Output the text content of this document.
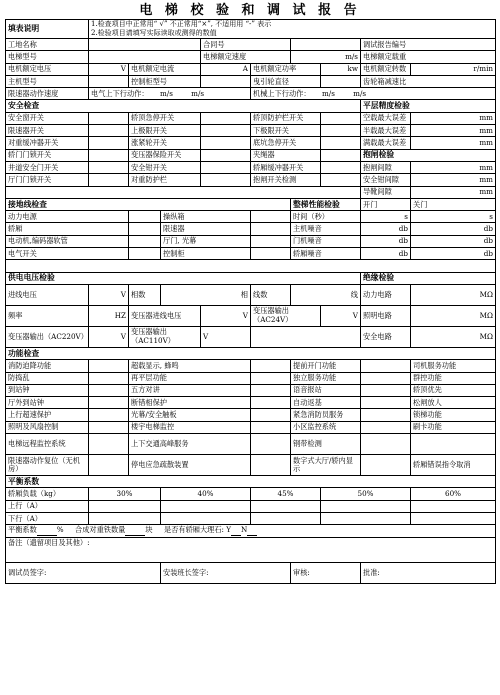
电 梯 校 验 和 调 试 报 告
填表说明	1.检查项目中正常用“ √” 不正常用“×”, 不适用用 “-” 表示
2.检验项目请填写实际读取或测得的数值								
工地名称				合同号				调试报告编号	
电梯型号				电梯额定速度		m/s		电梯额定载重	
电机额定电压	V	电机额定电流		A	电机额定功率		kw	电机额定转数	r/min
主机型号		控制柜型号			曳引轮直径			齿轮箱减速比	
限速器动作速度	电气上下行动作： m/s m/s				机械上下行动作： m/s m/s				
安全检查								平层精度检验	
安全窗开关		轿顶急停开关			轿顶防护栏开关			空载最大误差	mm
限速器开关		上极限开关			下极限开关			半载最大误差	mm
对重缓冲器开关		涨紧轮开关			底坑急停开关			满载最大误差	mm
轿门门锁开关		变压器保险开关			夹绳器			抱闸检验	
井道安全门开关		安全钳开关			轿厢缓冲器开关			抱闸间隙	mm
厅门门锁开关		对重防护栏			抱闸开关检测			安全钳间隙	mm
								导靴间隙	mm
接地线检查						整梯性能检验		开门	关门
动力电源			操纵箱			时间（秒）		s	s
轿厢			限速器			主机噪音		db	db
电动机,编码器软管			厅门, 光幕			门机噪音		db	db
电气开关			控制柜			轿厢噪音		db	db

供电电压检验								绝缘检验	
进线电压	V	相数	相		线数	线		动力电路	MΩ
频率	HZ	变压器进线电压		V	变压器输出（AC24V）		V	照明电路	MΩ
变压器输出（AC220V）	V	变压器输出（AC110V）		V				安全电路	MΩ
功能检查									
消防迫降功能		超载显示, 蜂鸣				提前开门功能			司机服务功能
防捣乱		再平层功能				独立服务功能			群控功能
到站钟		五方对讲				语音报站			轿顶优先
厅外到站钟		断错相保护				自动返基			松闸放人
上行超速保护		光幕/安全触板				紧急消防员服务			锁梯功能
照明及风扇控制		楼宇电梯监控				小区监控系统			刷卡功能
电梯远程监控系统		上下交通高峰服务				钢带检测			
限速器动作复位（无机房）		停电应急疏散装置				数字式大厅/轿内显示			轿厢错误指令取消
平衡系数									
轿厢负载（kg）	30%		40%		45%		50%		60%
上行（A）									
下行（A）									
平衡系数 % 合成对重铁数量 块 是否有轿厢大理石: Y N									
备注（遗留项目及其他）:									
调试员签字:			安装班长签字:			审核:		批准:	
